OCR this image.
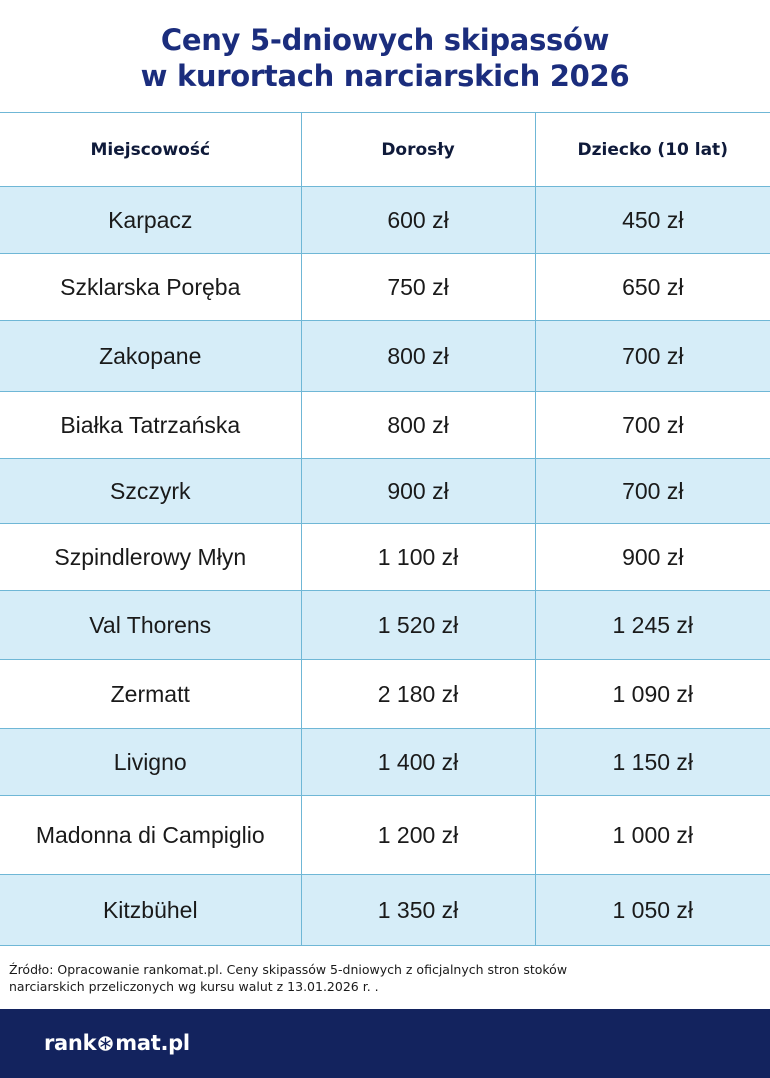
Ceny 5-dniowych skipassów
w kurortach narciarskich 2026
Miejscowość	Dorosły	Dziecko (10 lat)
Karpacz	600 zł	450 zł
Szklarska Poręba	750 zł	650 zł
Zakopane	800 zł	700 zł
Białka Tatrzańska	800 zł	700 zł
Szczyrk	900 zł	700 zł
Szpindlerowy Młyn	1 100 zł	900 zł
Val Thorens	1 520 zł	1 245 zł
Zermatt	2 180 zł	1 090 zł
Livigno	1 400 zł	1 150 zł
Madonna di Campiglio	1 200 zł	1 000 zł
Kitzbühel	1 350 zł	1 050 zł
Źródło: Opracowanie rankomat.pl. Ceny skipassów 5-dniowych z oficjalnych stron stoków
narciarskich przeliczonych wg kursu walut z 13.01.2026 r. .
rank mat.pl
